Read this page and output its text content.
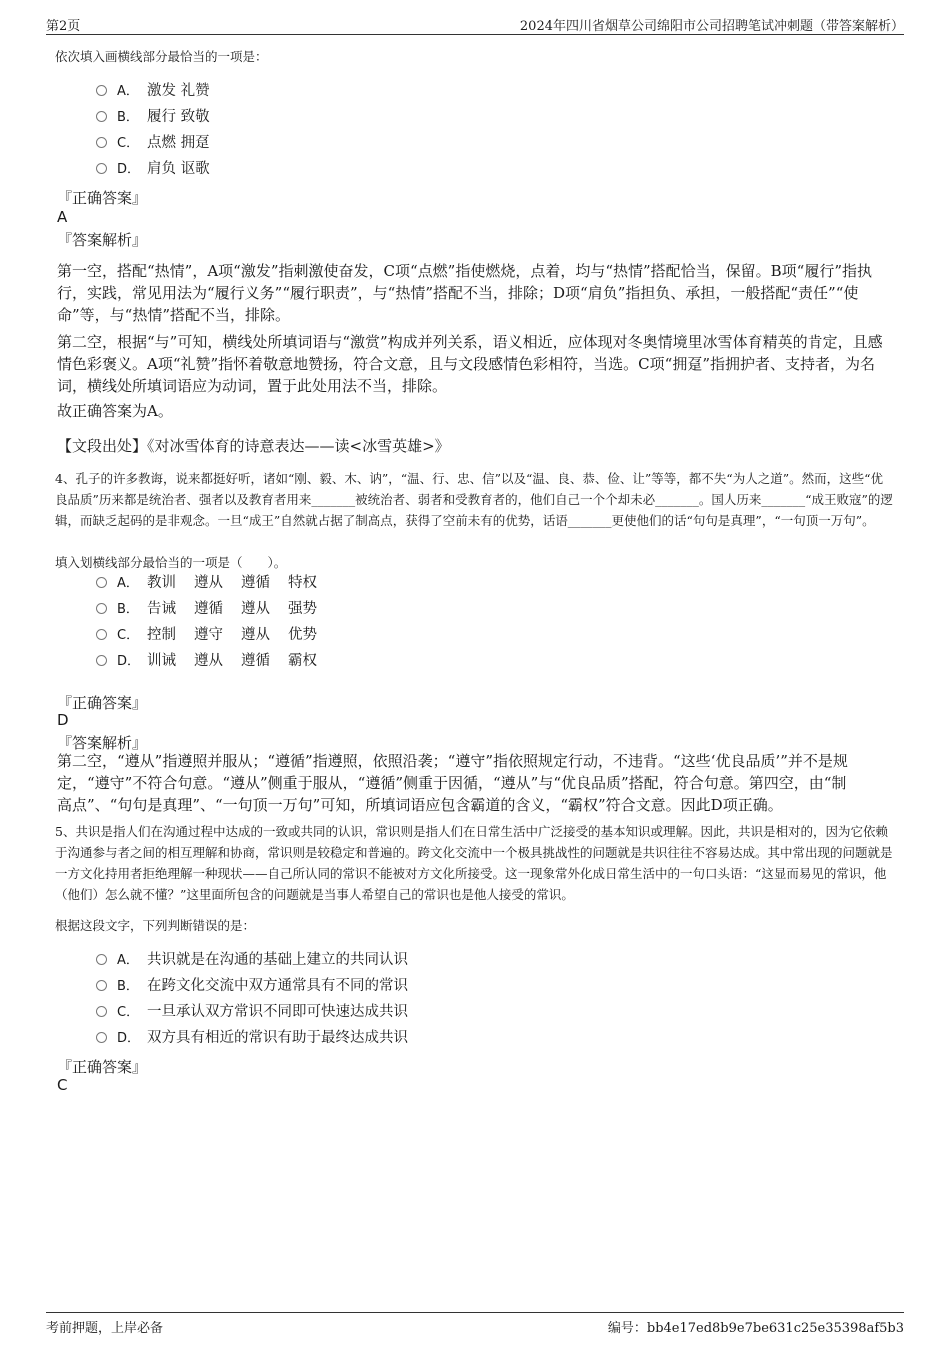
第2页	2024年四川省烟草公司绵阳市公司招聘笔试冲刺题（带答案解析）
依次填入画横线部分最恰当的一项是：
A． 激发 礼赞
B． 履行 致敬
C． 点燃 拥趸
D． 肩负 讴歌
『正确答案』
A
『答案解析』
第一空，搭配“热情”，A项“激发”指刺激使奋发，C项“点燃”指使燃烧，点着，均与“热情”搭配恰当，保留。B项“履行”指执行，实践，常见用法为“履行义务”“履行职责”，与“热情”搭配不当，排除；D项“肩负”指担负、承担，一般搭配“责任”“使命”等，与“热情”搭配不当，排除。
第二空，根据“与”可知，横线处所填词语与“激赏”构成并列关系，语义相近，应体现对冬奥情境里冰雪体育精英的肯定，且感情色彩褒义。A项“礼赞”指怀着敬意地赞扬，符合文意，且与文段感情色彩相符，当选。C项“拥趸”指拥护者、支持者，为名词，横线处所填词语应为动词，置于此处用法不当，排除。
故正确答案为A。
【文段出处】《对冰雪体育的诗意表达——读<冰雪英雄>》
4、孔子的许多教诲，说来都挺好听，诸如“刚、毅、木、讷”，“温、行、忠、信”以及“温、良、恭、俭、让”等等，都不失“为人之道”。然而，这些“优良品质”历来都是统治者、强者以及教育者用来_______被统治者、弱者和受教育者的，他们自己一个个却未必_______。国人历来_______“成王败寇”的逻辑，而缺乏起码的是非观念。一旦“成王”自然就占据了制高点，获得了空前未有的优势，话语_______更使他们的话“句句是真理”，“一句顶一万句”。
填入划横线部分最恰当的一项是（　　）。
A． 教训 遵从 遵循 特权
B． 告诫 遵循 遵从 强势
C． 控制 遵守 遵从 优势
D． 训诫 遵从 遵循 霸权
『正确答案』
D
『答案解析』
第二空，“遵从”指遵照并服从；“遵循”指遵照，依照沿袭；“遵守”指依照规定行动，不违背。“这些‘优良品质’”并不是规定，“遵守”不符合句意。“遵从”侧重于服从，“遵循”侧重于因循，“遵从”与“优良品质”搭配，符合句意。第四空，由“制高点”、“句句是真理”、“一句顶一万句”可知，所填词语应包含霸道的含义，“霸权”符合文意。因此D项正确。
5、共识是指人们在沟通过程中达成的一致或共同的认识，常识则是指人们在日常生活中广泛接受的基本知识或理解。因此，共识是相对的，因为它依赖于沟通参与者之间的相互理解和协商，常识则是较稳定和普遍的。跨文化交流中一个极具挑战性的问题就是共识往往不容易达成。其中常出现的问题就是一方文化持用者拒绝理解一种现状——自己所认同的常识不能被对方文化所接受。这一现象常外化成日常生活中的一句口头语：“这显而易见的常识，他（他们）怎么就不懂？”这里面所包含的问题就是当事人希望自己的常识也是他人接受的常识。
根据这段文字，下列判断错误的是：
A． 共识就是在沟通的基础上建立的共同认识
B． 在跨文化交流中双方通常具有不同的常识
C． 一旦承认双方常识不同即可快速达成共识
D． 双方具有相近的常识有助于最终达成共识
『正确答案』
C
考前押题，上岸必备	编号：bb4e17ed8b9e7be631c25e35398af5b3
